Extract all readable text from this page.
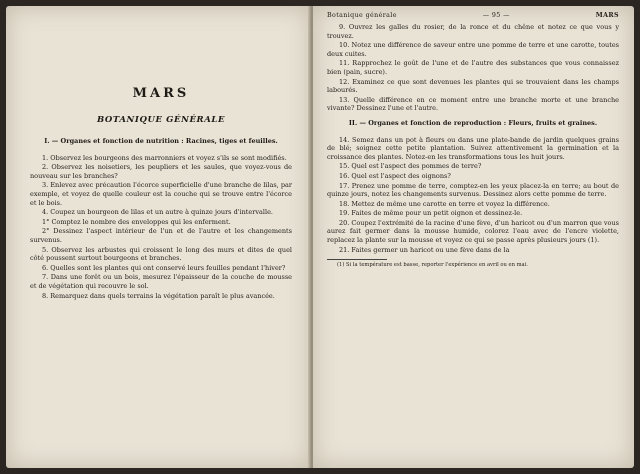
MARS
BOTANIQUE GÉNÉRALE
I. — Organes et fonction de nutrition : Racines, tiges et feuilles.

1. Observez les bourgeons des marronniers et voyez s'ils se sont modifiés.

2. Observez les noisetiers, les peupliers et les saules, que voyez-vous de nouveau sur les branches?

3. Enlevez avec précaution l'écorce superficielle d'une branche de lilas, par exemple, et voyez de quelle couleur est la couche qui se trouve entre l'écorce et le bois.

4. Coupez un bourgeon de lilas et un autre à quinze jours d'intervalle.

1° Comptez le nombre des enveloppes qui les enferment.

2° Dessinez l'aspect intérieur de l'un et de l'autre et les changements survenus.

5. Observez les arbustes qui croissent le long des murs et dites de quel côté poussent surtout bourgeons et branches.

6. Quelles sont les plantes qui ont conservé leurs feuilles pendant l'hiver?

7. Dans une forêt ou un bois, mesurez l'épaisseur de la couche de mousse et de végétation qui recouvre le sol.

8. Remarquez dans quels terrains la végétation paraît le plus avancée.

Botanique générale	— 95 —	MARS

9. Ouvrez les galles du rosier, de la ronce et du chêne et notez ce que vous y trouvez.

10. Notez une différence de saveur entre une pomme de terre et une carotte, toutes deux cuites.

11. Rapprochez le goût de l'une et de l'autre des substances que vous connaissez bien (pain, sucre).

12. Examinez ce que sont devenues les plantes qui se trouvaient dans les champs labourés.

13. Quelle différence en ce moment entre une branche morte et une branche vivante? Dessinez l'une et l'autre.

II. — Organes et fonction de reproduction : Fleurs, fruits et graines.

14. Semez dans un pot à fleurs ou dans une plate-bande de jardin quelques grains de blé; soignez cette petite plantation. Suivez attentivement la germination et la croissance des plantes. Notez-en les transformations tous les huit jours.

15. Quel est l'aspect des pommes de terre?

16. Quel est l'aspect des oignons?

17. Prenez une pomme de terre, comptez-en les yeux placez-la en terre; au bout de quinze jours, notez les changements survenus. Dessinez alors cette pomme de terre.

18. Mettez de même une carotte en terre et voyez la différence.

19. Faites de même pour un petit oignon et dessinez-le.

20. Coupez l'extrémité de la racine d'une fève, d'un haricot ou d'un marron que vous aurez fait germer dans la mousse humide, colorez l'eau avec de l'encre violette, replacez la plante sur la mousse et voyez ce qui se passe après plusieurs jours (1).

21. Faites germer un haricot ou une fève dans de la

(1) Si la température est basse, reporter l'expérience en avril ou en mai.
